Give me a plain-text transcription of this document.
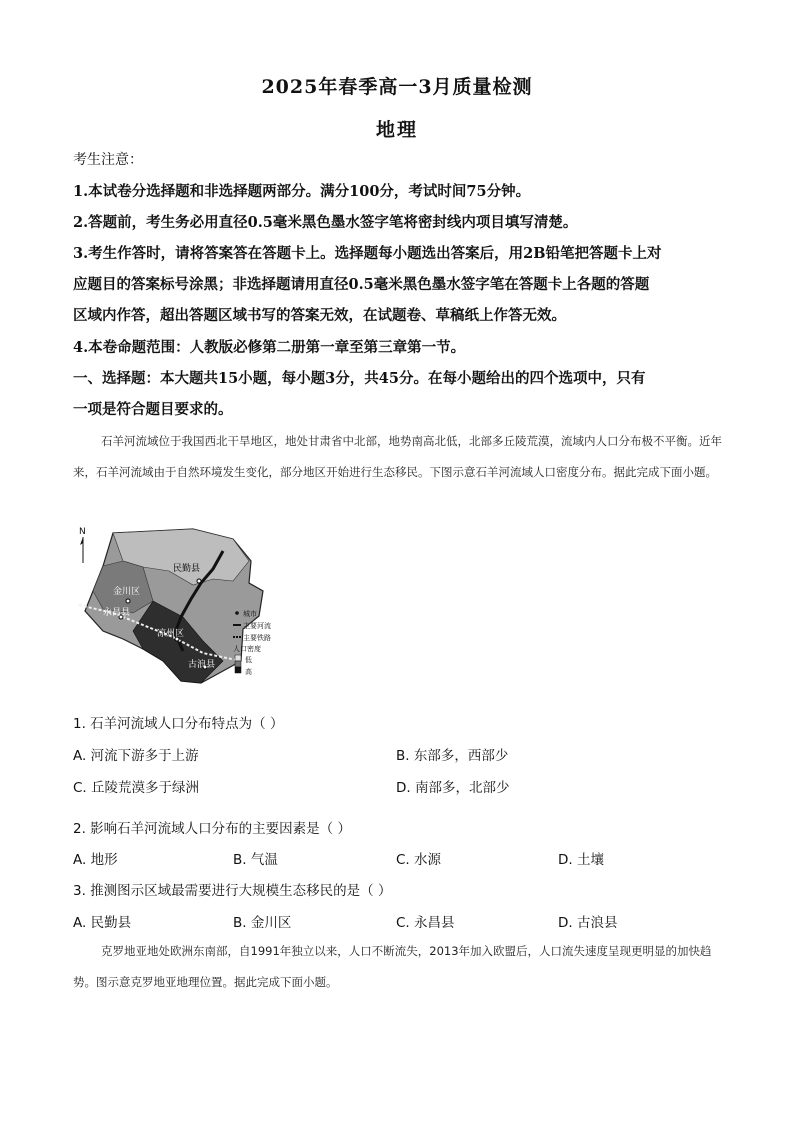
2025年春季高一3月质量检测
地理
考生注意：
1.本试卷分选择题和非选择题两部分。满分100分，考试时间75分钟。
2.答题前，考生务必用直径0.5毫米黑色墨水签字笔将密封线内项目填写清楚。
3.考生作答时，请将答案答在答题卡上。选择题每小题选出答案后，用2B铅笔把答题卡上对
应题目的答案标号涂黑；非选择题请用直径0.5毫米黑色墨水签字笔在答题卡上各题的答题
区域内作答，超出答题区域书写的答案无效，在试题卷、草稿纸上作答无效。
4.本卷命题范围：人教版必修第二册第一章至第三章第一节。
一、选择题：本大题共15小题，每小题3分，共45分。在每小题给出的四个选项中，只有
一项是符合题目要求的。
石羊河流域位于我国西北干旱地区，地处甘肃省中北部，地势南高北低，北部多丘陵荒漠，流域内人口分布极不平衡。近年来，石羊河流域由于自然环境发生变化，部分地区开始进行生态移民。下图示意石羊河流域人口密度分布。据此完成下面小题。
N
民勤县
金川区
永昌县
凉州区
古浪县
城市
主要河流
主要铁路
人口密度
低
高
1. 石羊河流域人口分布特点为（ ）
A. 河流下游多于上游	B. 东部多，西部少
C. 丘陵荒漠多于绿洲	D. 南部多，北部少
2. 影响石羊河流域人口分布的主要因素是（ ）
A. 地形	B. 气温	C. 水源	D. 土壤
3. 推测图示区域最需要进行大规模生态移民的是（ ）
A. 民勤县	B. 金川区	C. 永昌县	D. 古浪县
克罗地亚地处欧洲东南部，自1991年独立以来，人口不断流失，2013年加入欧盟后，人口流失速度呈现更明显的加快趋势。图示意克罗地亚地理位置。据此完成下面小题。
